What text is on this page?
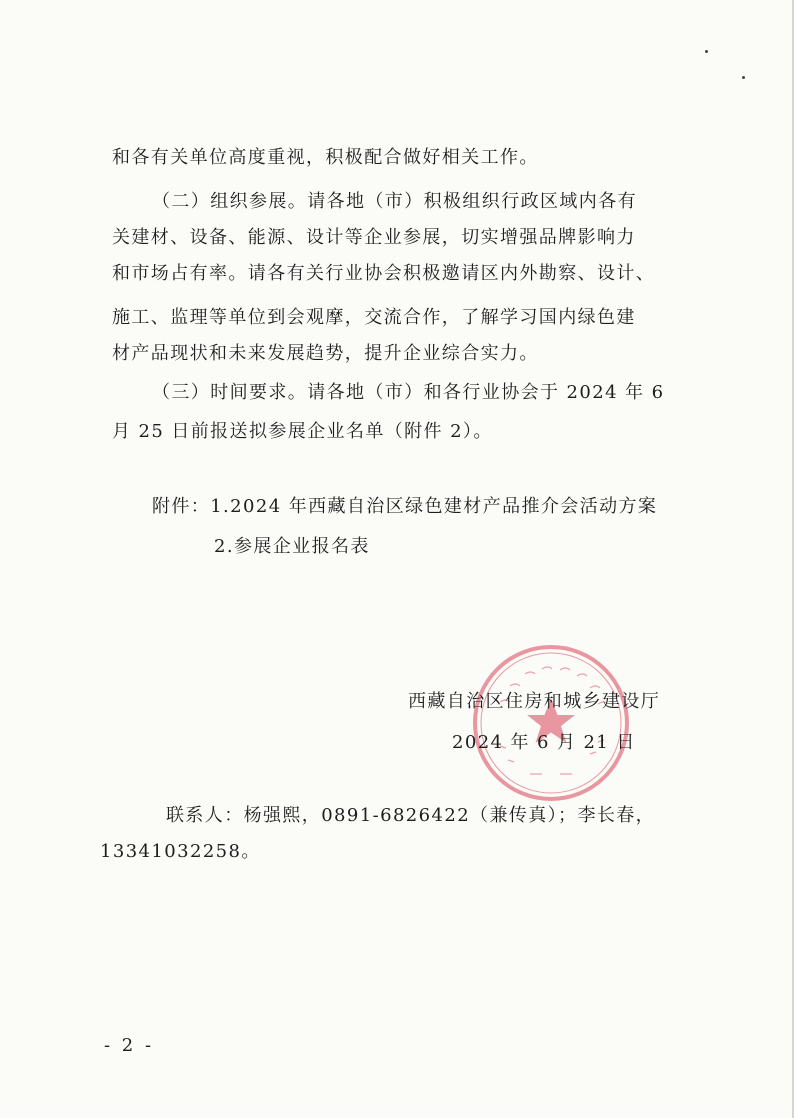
和各有关单位高度重视，积极配合做好相关工作。
（二）组织参展。请各地（市）积极组织行政区域内各有
关建材、设备、能源、设计等企业参展，切实增强品牌影响力
和市场占有率。请各有关行业协会积极邀请区内外勘察、设计、
施工、监理等单位到会观摩，交流合作，了解学习国内绿色建
材产品现状和未来发展趋势，提升企业综合实力。
（三）时间要求。请各地（市）和各行业协会于 2024 年 6
月 25 日前报送拟参展企业名单（附件 2）。
附件：1.2024 年西藏自治区绿色建材产品推介会活动方案
2.参展企业报名表
西藏自治区住房和城乡建设厅
2024 年 6 月 21 日
联系人：杨强熙，0891-6826422（兼传真）；李长春，
13341032258。
- 2 -
